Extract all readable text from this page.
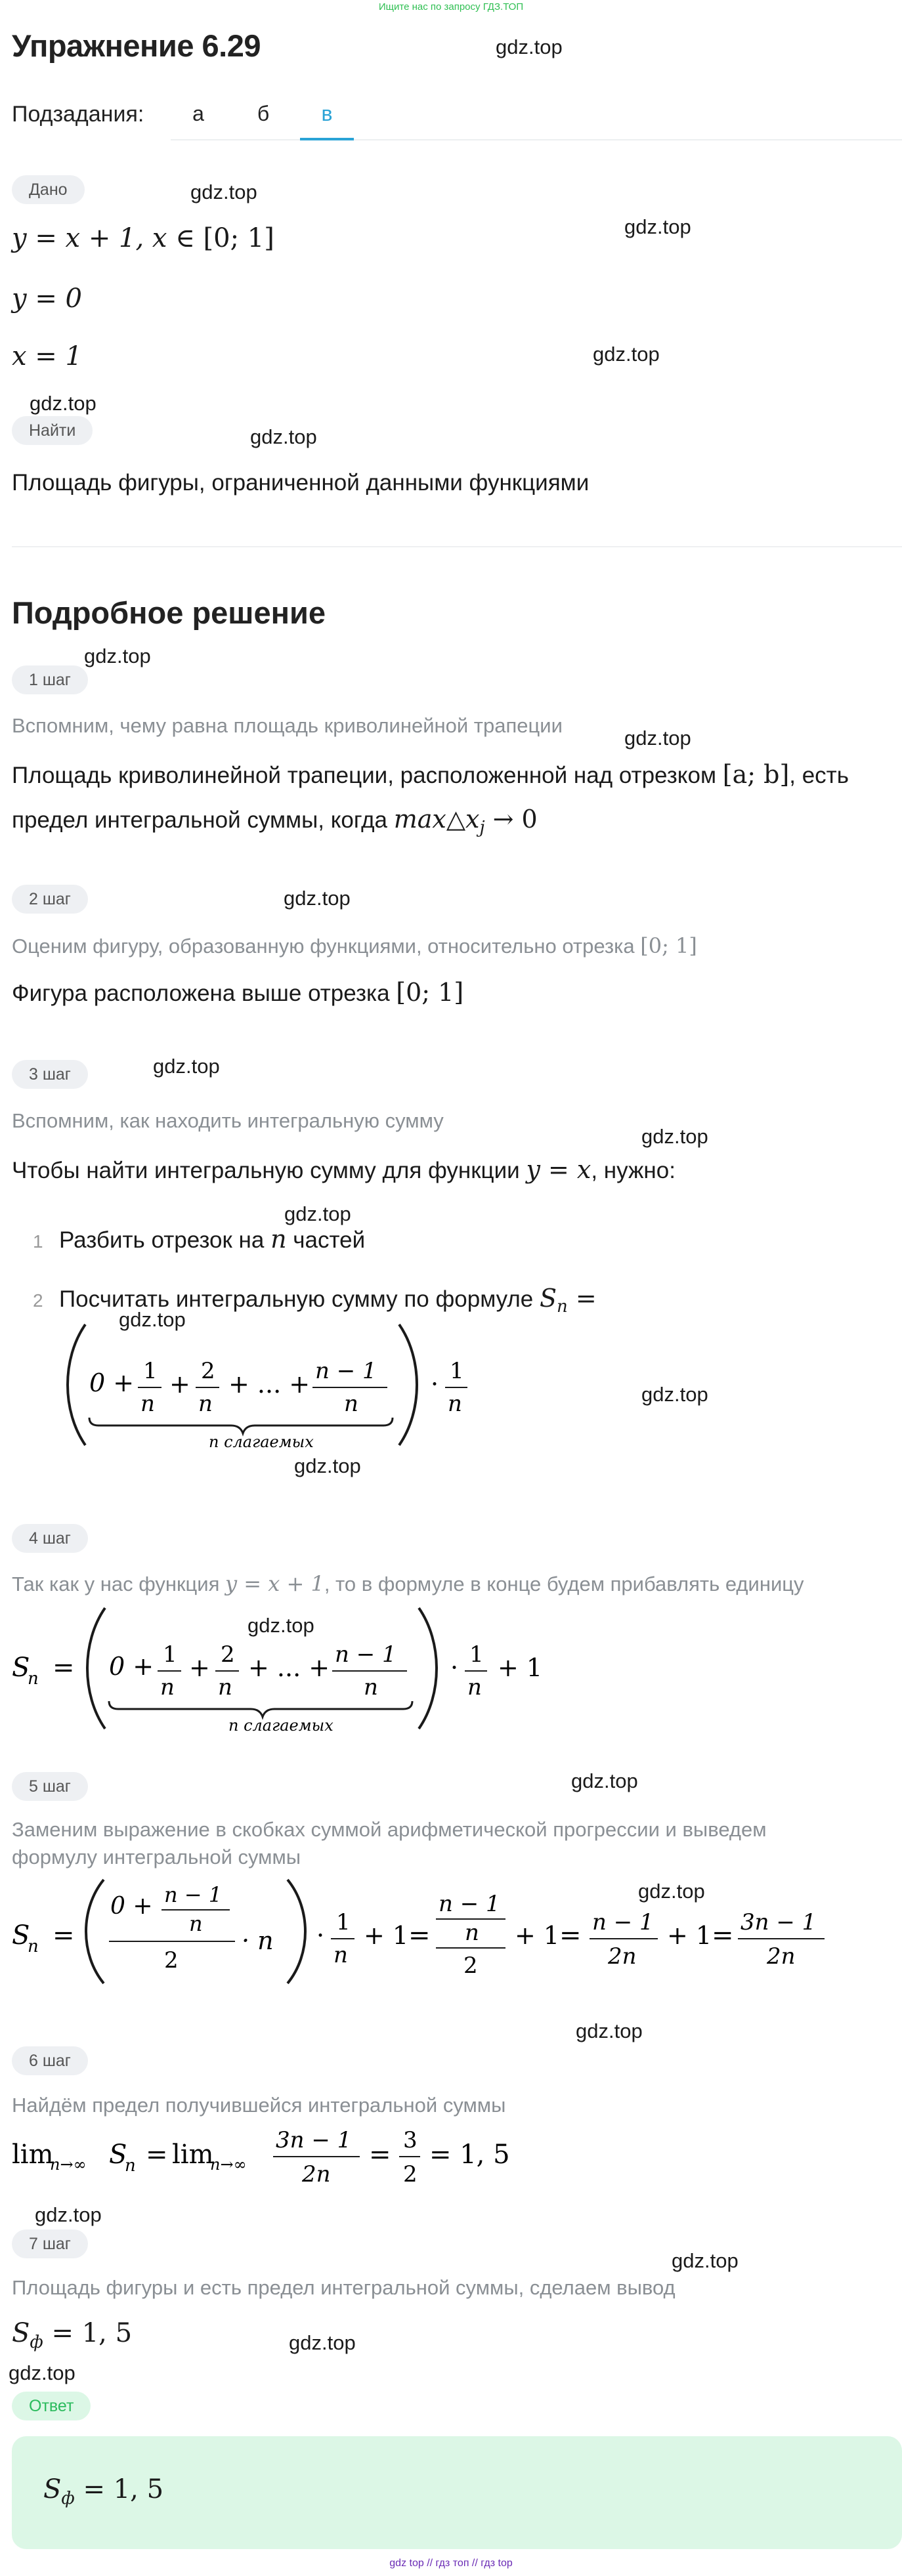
Ищите нас по запросу ГДЗ.ТОП
Упражнение 6.29	gdz.top
gdz.top
gdz.top
gdz.top
gdz.top
gdz.top
gdz.top
gdz.top
gdz.top
gdz.top
gdz.top
gdz.top
gdz.top
gdz.top
gdz.top
gdz.top
gdz.top
gdz.top
gdz.top
gdz.top
gdz.top
gdz.top
gdz.top
Подзадания:	а	б	в
Дано
y = x + 1, x ∈ [0; 1]
y = 0
x = 1
Найти
Площадь фигуры, ограниченной данными функциями
Подробное решение
1 шаг
Вспомним, чему равна площадь криволинейной трапеции
Площадь криволинейной трапеции, расположенной над отрезком [a; b], есть
предел интегральной суммы, когда $\max\triangle x_j \to 0$
2 шаг
Оценим фигуру, образованную функциями, относительно отрезка [0; 1]
Фигура расположена выше отрезка [0; 1]
3 шаг
Вспомним, как находить интегральную сумму
Чтобы найти интегральную сумму для функции y = x, нужно:
1 Разбить отрезок на n частей
2 Посчитать интегральную сумму по формуле $S_n$ =
0 + 1
n
+ 2
n
+ ... + n − 1
n
n слагаемых
· 1
n
4 шаг
Так как у нас функция y = x + 1, то в формуле в конце будем прибавлять единицу
S
n = 0 + 1
n
+ 2
n
+ ... + n − 1
n
n слагаемых
· 1
n
+ 1
5 шаг
Заменим выражение в скобках суммой арифметической прогрессии и выведем
формулу интегральной суммы
S
n =
0 + n − 1
n
2
· n · 1
n
+ 1 =
n − 1
n
2
+ 1 = n − 1
2n
+ 1 = 3n − 1
2n
6 шаг
Найдём предел получившейся интегральной суммы
lim
n→∞ S
n = lim
n→∞
3n − 1
2n
= 3
2
= 1, 5
7 шаг
Площадь фигуры и есть предел интегральной суммы, сделаем вывод
$S_ф = 1$, 5
Ответ
$S_ф = 1$, 5
gdz top // гдз топ // гдз top
